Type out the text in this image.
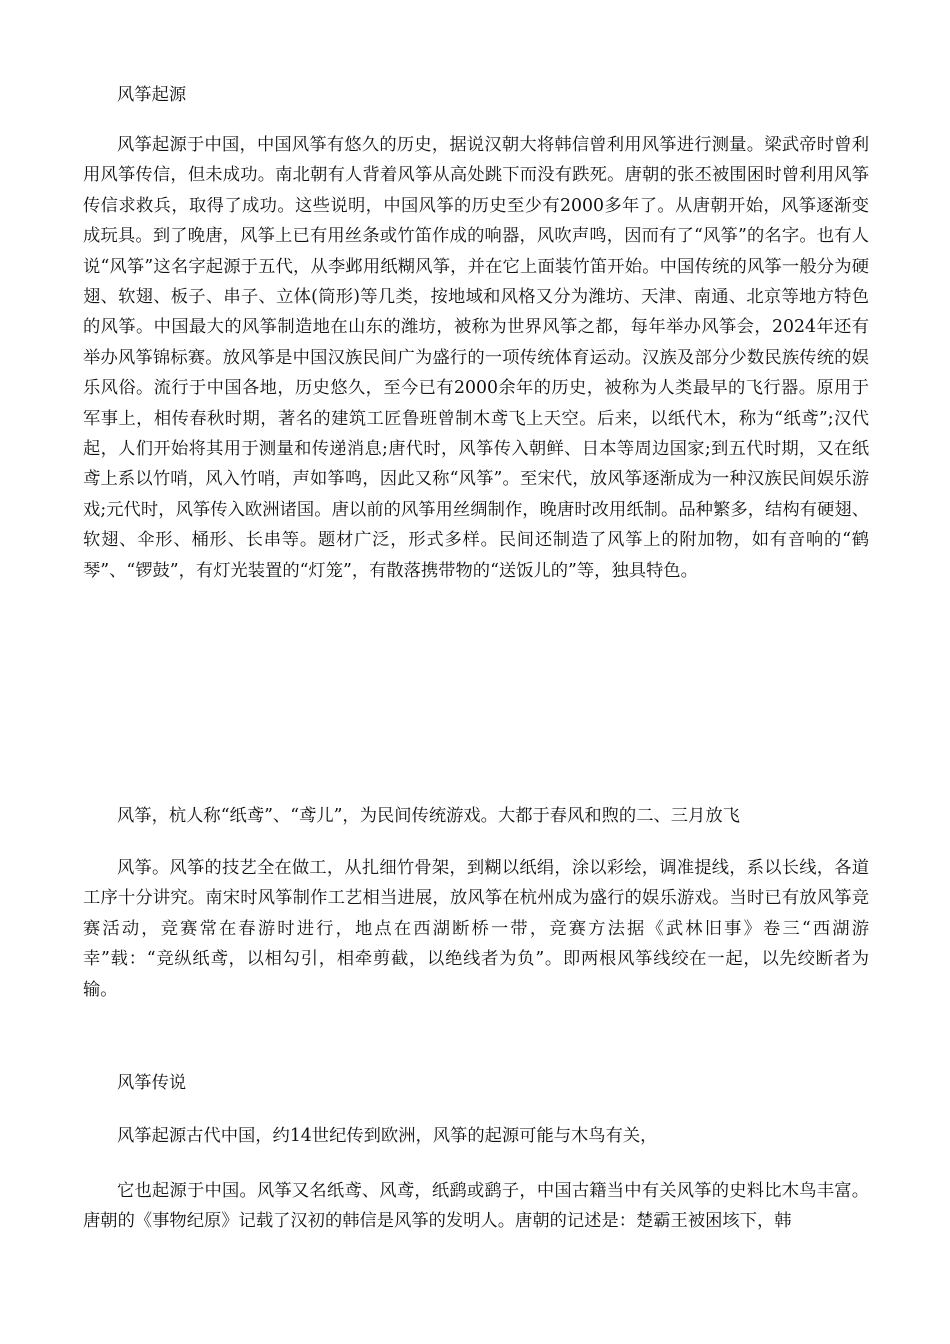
风筝起源

风筝起源于中国，中国风筝有悠久的历史，据说汉朝大将韩信曾利用风筝进行测量。梁武帝时曾利用风筝传信，但未成功。南北朝有人背着风筝从高处跳下而没有跌死。唐朝的张丕被围困时曾利用风筝传信求救兵，取得了成功。这些说明，中国风筝的历史至少有2000多年了。从唐朝开始，风筝逐渐变成玩具。到了晚唐，风筝上已有用丝条或竹笛作成的响器，风吹声鸣，因而有了“风筝”的名字。也有人说“风筝”这名字起源于五代，从李邺用纸糊风筝，并在它上面装竹笛开始。中国传统的风筝一般分为硬翅、软翅、板子、串子、立体(筒形)等几类，按地域和风格又分为潍坊、天津、南通、北京等地方特色的风筝。中国最大的风筝制造地在山东的潍坊，被称为世界风筝之都，每年举办风筝会，2024年还有举办风筝锦标赛。放风筝是中国汉族民间广为盛行的一项传统体育运动。汉族及部分少数民族传统的娱乐风俗。流行于中国各地，历史悠久，至今已有2000余年的历史，被称为人类最早的飞行器。原用于军事上，相传春秋时期，著名的建筑工匠鲁班曾制木鸢飞上天空。后来，以纸代木，称为“纸鸢”;汉代起，人们开始将其用于测量和传递消息;唐代时，风筝传入朝鲜、日本等周边国家;到五代时期，又在纸鸢上系以竹哨，风入竹哨，声如筝鸣，因此又称“风筝”。至宋代，放风筝逐渐成为一种汉族民间娱乐游戏;元代时，风筝传入欧洲诸国。唐以前的风筝用丝绸制作，晚唐时改用纸制。品种繁多，结构有硬翅、软翅、伞形、桶形、长串等。题材广泛，形式多样。民间还制造了风筝上的附加物，如有音响的“鹤琴”、“锣鼓”，有灯光装置的“灯笼”，有散落携带物的“送饭儿的”等，独具特色。

风筝，杭人称“纸鸢”、“鸢儿”，为民间传统游戏。大都于春风和煦的二、三月放飞

风筝。风筝的技艺全在做工，从扎细竹骨架，到糊以纸绢，涂以彩绘，调准提线，系以长线，各道工序十分讲究。南宋时风筝制作工艺相当进展，放风筝在杭州成为盛行的娱乐游戏。当时已有放风筝竞赛活动，竞赛常在春游时进行，地点在西湖断桥一带，竞赛方法据《武林旧事》卷三“西湖游幸”载：“竞纵纸鸢，以相勾引，相牵剪截，以绝线者为负”。即两根风筝线绞在一起，以先绞断者为输。

风筝传说

风筝起源古代中国，约14世纪传到欧洲，风筝的起源可能与木鸟有关，

它也起源于中国。风筝又名纸鸢、风鸢，纸鹞或鹞子，中国古籍当中有关风筝的史料比木鸟丰富。唐朝的《事物纪原》记载了汉初的韩信是风筝的发明人。唐朝的记述是：楚霸王被困垓下，韩
